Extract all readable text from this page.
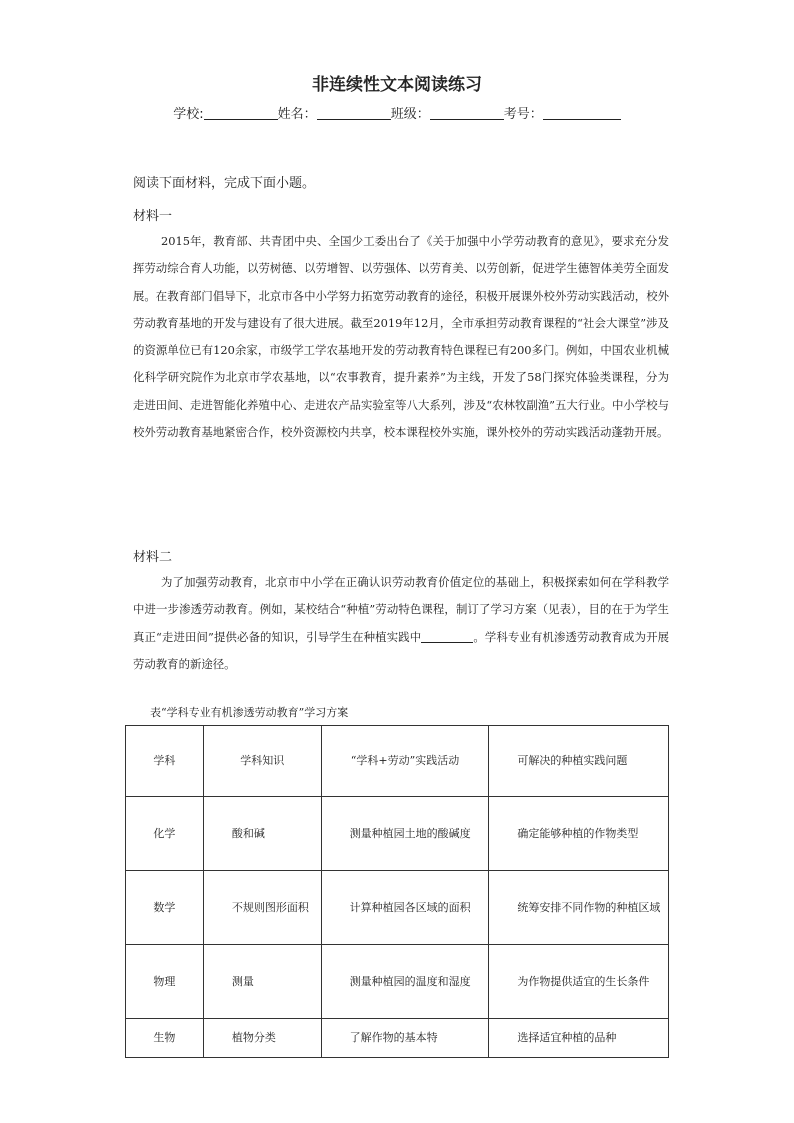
非连续性文本阅读练习
学校:	姓名：	班级：	考号：
阅读下面材料，完成下面小题。
材料一

2015年，教育部、共青团中央、全国少工委出台了《关于加强中小学劳动教育的意见》，要求充分发挥劳动综合育人功能，以劳树德、以劳增智、以劳强体、以劳育美、以劳创新，促进学生德智体美劳全面发展。在教育部门倡导下，北京市各中小学努力拓宽劳动教育的途径，积极开展课外校外劳动实践活动，校外劳动教育基地的开发与建设有了很大进展。截至2019年12月，全市承担劳动教育课程的“社会大课堂”涉及的资源单位已有120余家，市级学工学农基地开发的劳动教育特色课程已有200多门。例如，中国农业机械化科学研究院作为北京市学农基地，以“农事教育，提升素养”为主线，开发了58门探究体验类课程，分为走进田间、走进智能化养殖中心、走进农产品实验室等八大系列，涉及“农林牧副渔”五大行业。中小学校与校外劳动教育基地紧密合作，校外资源校内共享，校本课程校外实施，课外校外的劳动实践活动蓬勃开展。

材料二

为了加强劳动教育，北京市中小学在正确认识劳动教育价值定位的基础上，积极探索如何在学科教学中进一步渗透劳动教育。例如，某校结合“种植”劳动特色课程，制订了学习方案（见表），目的在于为学生真正“走进田间”提供必备的知识，引导学生在种植实践中	。学科专业有机渗透劳动教育成为开展劳动教育的新途径。

表“学科专业有机渗透劳动教育”学习方案
学科	学科知识	“学科+劳动”实践活动	可解决的种植实践问题
化学	酸和碱	测量种植园土地的酸碱度	确定能够种植的作物类型
数学	不规则图形面积	计算种植园各区域的面积	统筹安排不同作物的种植区域
物理	测量	测量种植园的温度和湿度	为作物提供适宜的生长条件
生物	植物分类	了解作物的基本特	选择适宜种植的品种
